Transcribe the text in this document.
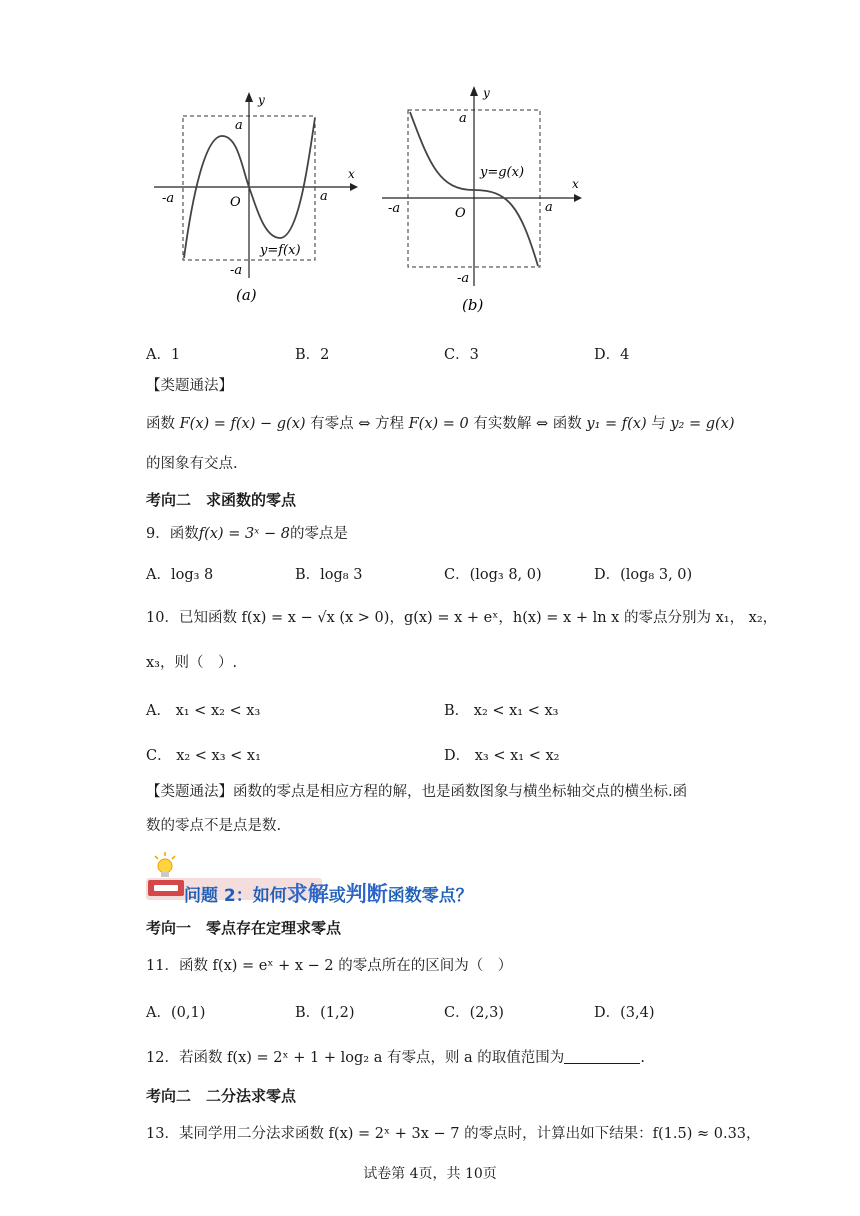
y
x
a
a
-a
-a
O
y=f(x)
(a)
y
x
a
a
-a
-a
O
y=g(x)
(b)
A．1	B．2	C．3	D．4
【类题通法】
函数 F(x) = f(x) − g(x) 有零点 ⇔ 方程 F(x) = 0 有实数解 ⇔ 函数 y₁ = f(x) 与 y₂ = g(x)
的图象有交点.
考向二　求函数的零点
9．函数f(x) = 3ˣ − 8的零点是
A．log₃ 8	B．log₈ 3	C．(log₃ 8, 0)	D．(log₈ 3, 0)
10．已知函数 f(x) = x − √x (x > 0)，g(x) = x + eˣ，h(x) = x + ln x 的零点分别为 x₁， x₂，
x₃，则（　）.
A． x₁ < x₂ < x₃	B． x₂ < x₁ < x₃
C． x₂ < x₃ < x₁	D． x₃ < x₁ < x₂
【类题通法】函数的零点是相应方程的解，也是函数图象与横坐标轴交点的横坐标.函
数的零点不是点是数.
问题 2：如何求解或判断函数零点？
考向一　零点存在定理求零点
11．函数 f(x) = eˣ + x − 2 的零点所在的区间为（　）
A．(0,1)	B．(1,2)	C．(2,3)	D．(3,4)
12．若函数 f(x) = 2ˣ + 1 + log₂ a 有零点，则 a 的取值范围为	.
考向二　二分法求零点
13．某同学用二分法求函数 f(x) = 2ˣ + 3x − 7 的零点时，计算出如下结果：f(1.5) ≈ 0.33，
试卷第 4页，共 10页
